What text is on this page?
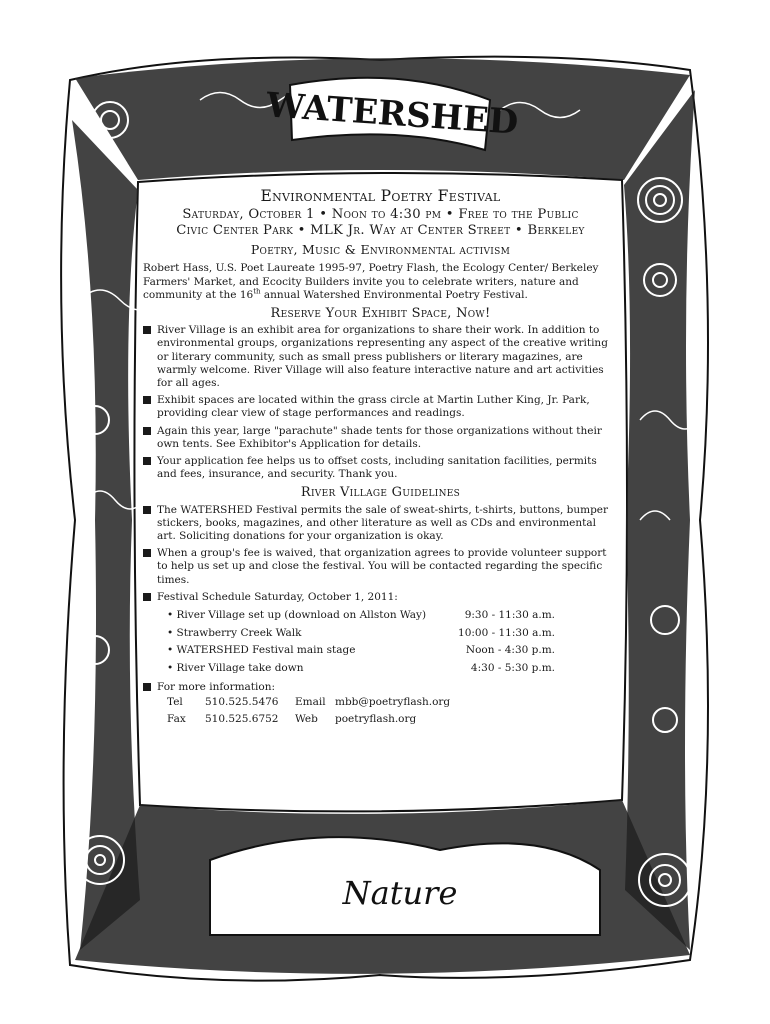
WATERSHED
Nature
Environmental Poetry Festival
Saturday, October 1 • Noon to 4:30 pm • Free to the Public
Civic Center Park • MLK Jr. Way at Center Street • Berkeley
Poetry, Music & Environmental activism
Robert Hass, U.S. Poet Laureate 1995-97, Poetry Flash, the Ecology Center/ Berkeley Farmers' Market, and Ecocity Builders invite you to celebrate writers, nature and community at the 16th annual Watershed Environmental Poetry Festival.
Reserve Your Exhibit Space, Now!
River Village is an exhibit area for organizations to share their work. In addition to environmental groups, organizations representing any aspect of the creative writing or literary community, such as small press publishers or literary magazines, are warmly welcome. River Village will also feature interactive nature and art activities for all ages.
Exhibit spaces are located within the grass circle at Martin Luther King, Jr. Park, providing clear view of stage performances and readings.
Again this year, large "parachute" shade tents for those organizations without their own tents. See Exhibitor's Application for details.
Your application fee helps us to offset costs, including sanitation facilities, permits and fees, insurance, and security. Thank you.
River Village Guidelines
The WATERSHED Festival permits the sale of sweat-shirts, t-shirts, buttons, bumper stickers, books, magazines, and other literature as well as CDs and environmental art. Soliciting donations for your organization is okay.
When a group's fee is waived, that organization agrees to provide volunteer support to help us set up and close the festival. You will be contacted regarding the specific times.
Festival Schedule Saturday, October 1, 2011:
• River Village set up (download on Allston Way)	9:30 - 11:30 a.m.
• Strawberry Creek Walk	10:00 - 11:30 a.m.
• WATERSHED Festival main stage	Noon - 4:30 p.m.
• River Village take down	4:30 - 5:30 p.m.
For more information:
Tel	510.525.5476	Email mbb@poetryflash.org
Fax	510.525.6752	Web	poetryflash.org
